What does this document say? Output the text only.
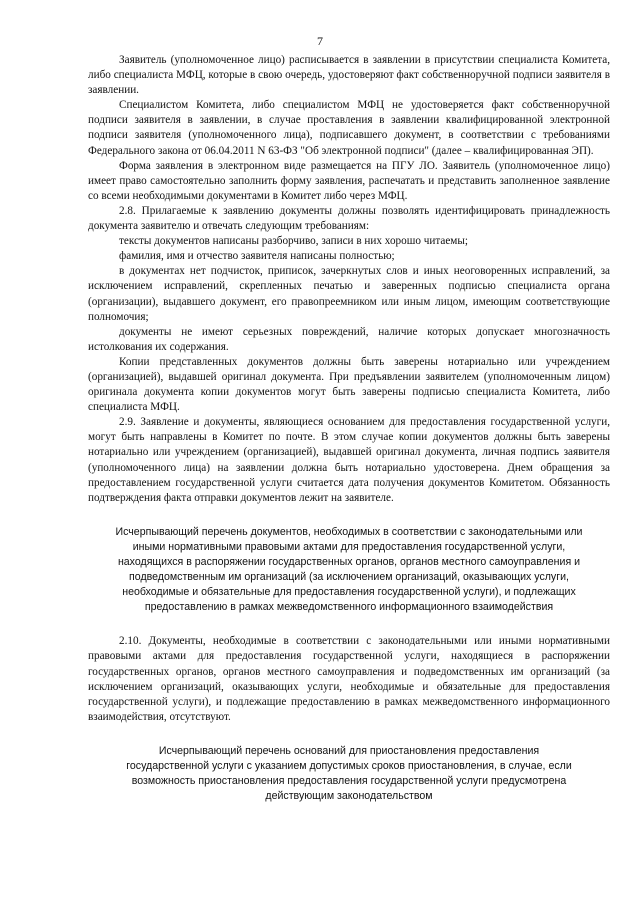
7

Заявитель (уполномоченное лицо) расписывается в заявлении в присутствии специалиста Комитета, либо специалиста МФЦ, которые в свою очередь, удостоверяют факт собственноручной подписи заявителя в заявлении.

Специалистом Комитета, либо специалистом МФЦ не удостоверяется факт собственноручной подписи заявителя в заявлении, в случае проставления в заявлении квалифицированной электронной подписи заявителя (уполномоченного лица), подписавшего документ, в соответствии с требованиями Федерального закона от 06.04.2011 N 63-ФЗ "Об электронной подписи" (далее – квалифицированная ЭП).

Форма заявления в электронном виде размещается на ПГУ ЛО. Заявитель (уполномоченное лицо) имеет право самостоятельно заполнить форму заявления, распечатать и представить заполненное заявление со всеми необходимыми документами в Комитет либо через МФЦ.

2.8. Прилагаемые к заявлению документы должны позволять идентифицировать принадлежность документа заявителю и отвечать следующим требованиям:

тексты документов написаны разборчиво, записи в них хорошо читаемы;

фамилия, имя и отчество заявителя написаны полностью;

в документах нет подчисток, приписок, зачеркнутых слов и иных неоговоренных исправлений, за исключением исправлений, скрепленных печатью и заверенных подписью специалиста органа (организации), выдавшего документ, его правопреемником или иным лицом, имеющим соответствующие полномочия;

документы не имеют серьезных повреждений, наличие которых допускает многозначность истолкования их содержания.

Копии представленных документов должны быть заверены нотариально или учреждением (организацией), выдавшей оригинал документа. При предъявлении заявителем (уполномоченным лицом) оригинала документа копии документов могут быть заверены подписью специалиста Комитета, либо специалиста МФЦ.

2.9. Заявление и документы, являющиеся основанием для предоставления государственной услуги, могут быть направлены в Комитет по почте. В этом случае копии документов должны быть заверены нотариально или учреждением (организацией), выдавшей оригинал документа, личная подпись заявителя (уполномоченного лица) на заявлении должна быть нотариально удостоверена. Днем обращения за предоставлением государственной услуги считается дата получения документов Комитетом. Обязанность подтверждения факта отправки документов лежит на заявителе.

Исчерпывающий перечень документов, необходимых в соответствии с законодательными или иными нормативными правовыми актами для предоставления государственной услуги, находящихся в распоряжении государственных органов, органов местного самоуправления и подведомственным им организаций (за исключением организаций, оказывающих услуги, необходимые и обязательные для предоставления государственной услуги), и подлежащих предоставлению в рамках межведомственного информационного взаимодействия

2.10. Документы, необходимые в соответствии с законодательными или иными нормативными правовыми актами для предоставления государственной услуги, находящиеся в распоряжении государственных органов, органов местного самоуправления и подведомственных им организаций (за исключением организаций, оказывающих услуги, необходимые и обязательные для предоставления государственной услуги), и подлежащие предоставлению в рамках межведомственного информационного взаимодействия, отсутствуют.

Исчерпывающий перечень оснований для приостановления предоставления государственной услуги с указанием допустимых сроков приостановления, в случае, если возможность приостановления предоставления государственной услуги предусмотрена действующим законодательством
